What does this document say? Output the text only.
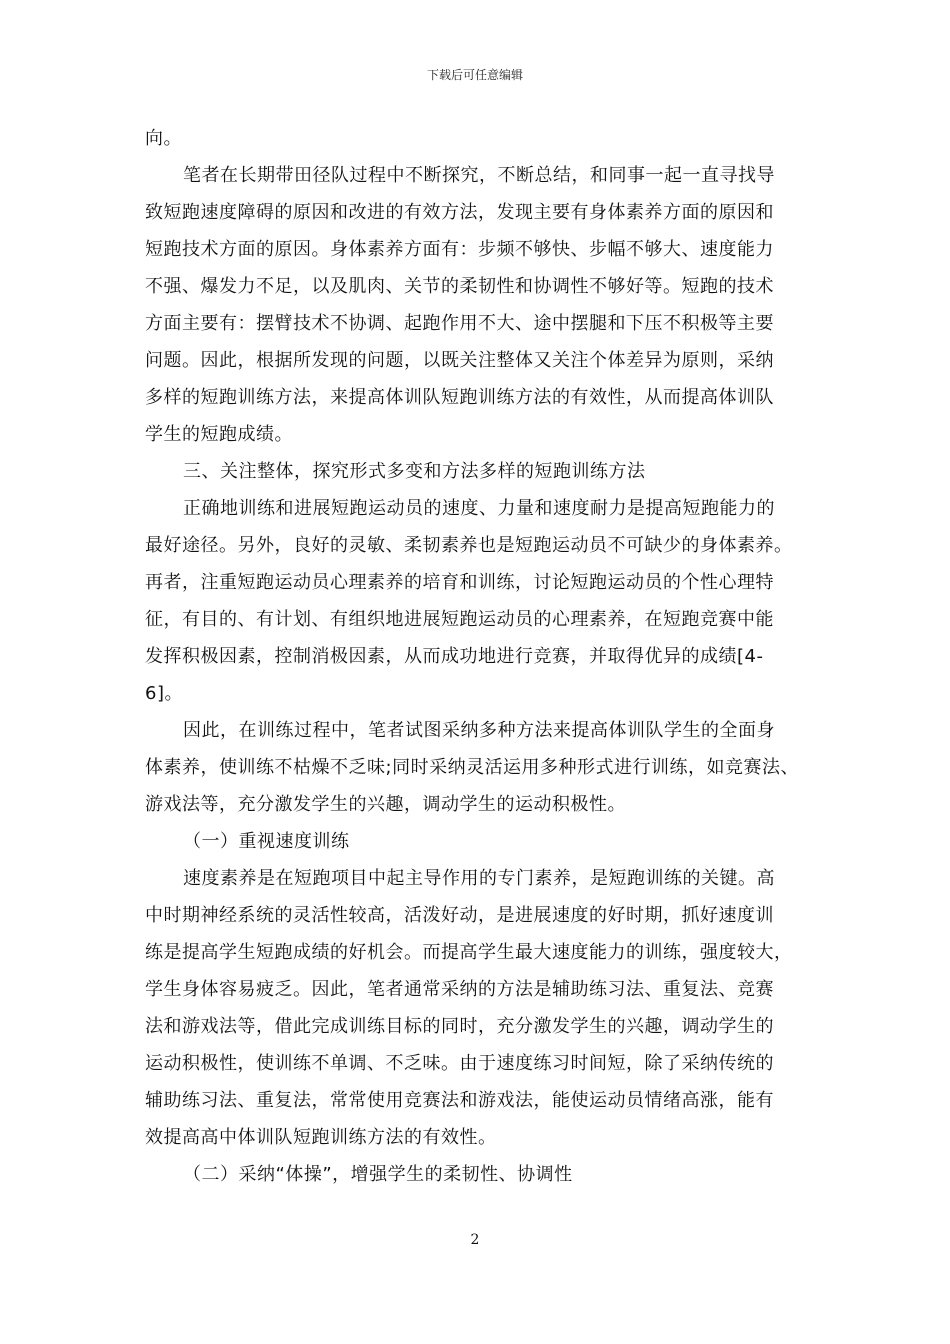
下载后可任意编辑
向。
笔者在长期带田径队过程中不断探究，不断总结，和同事一起一直寻找导
致短跑速度障碍的原因和改进的有效方法，发现主要有身体素养方面的原因和
短跑技术方面的原因。身体素养方面有：步频不够快、步幅不够大、速度能力
不强、爆发力不足，以及肌肉、关节的柔韧性和协调性不够好等。短跑的技术
方面主要有：摆臂技术不协调、起跑作用不大、途中摆腿和下压不积极等主要
问题。因此，根据所发现的问题，以既关注整体又关注个体差异为原则，采纳
多样的短跑训练方法，来提高体训队短跑训练方法的有效性，从而提高体训队
学生的短跑成绩。
三、关注整体，探究形式多变和方法多样的短跑训练方法
正确地训练和进展短跑运动员的速度、力量和速度耐力是提高短跑能力的
最好途径。另外，良好的灵敏、柔韧素养也是短跑运动员不可缺少的身体素养。
再者，注重短跑运动员心理素养的培育和训练，讨论短跑运动员的个性心理特
征，有目的、有计划、有组织地进展短跑运动员的心理素养，在短跑竞赛中能
发挥积极因素，控制消极因素，从而成功地进行竞赛，并取得优异的成绩[4-
6]。
因此，在训练过程中，笔者试图采纳多种方法来提高体训队学生的全面身
体素养，使训练不枯燥不乏味;同时采纳灵活运用多种形式进行训练，如竞赛法、
游戏法等，充分激发学生的兴趣，调动学生的运动积极性。
（一）重视速度训练
速度素养是在短跑项目中起主导作用的专门素养，是短跑训练的关键。高
中时期神经系统的灵活性较高，活泼好动，是进展速度的好时期，抓好速度训
练是提高学生短跑成绩的好机会。而提高学生最大速度能力的训练，强度较大，
学生身体容易疲乏。因此，笔者通常采纳的方法是辅助练习法、重复法、竞赛
法和游戏法等，借此完成训练目标的同时，充分激发学生的兴趣，调动学生的
运动积极性，使训练不单调、不乏味。由于速度练习时间短，除了采纳传统的
辅助练习法、重复法，常常使用竞赛法和游戏法，能使运动员情绪高涨，能有
效提高高中体训队短跑训练方法的有效性。
（二）采纳“体操”，增强学生的柔韧性、协调性
2
